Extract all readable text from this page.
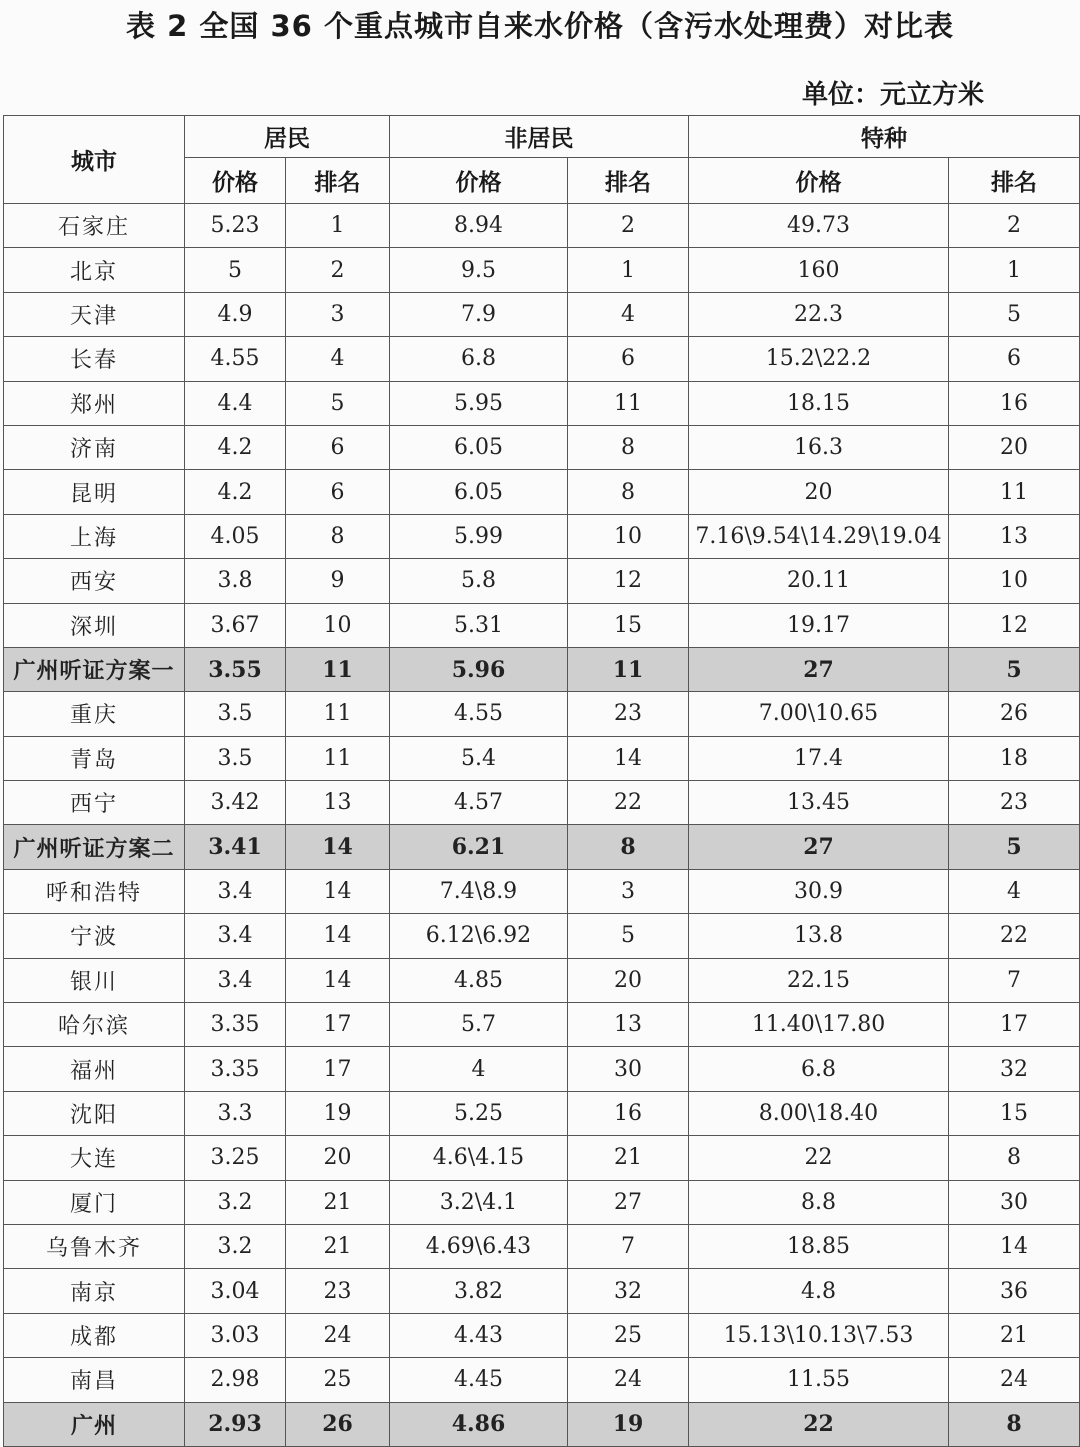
表 2 全国 36 个重点城市自来水价格（含污水处理费）对比表
单位：元立方米
城市	居民		非居民		特种	
	价格	排名	价格	排名	价格	排名
石家庄	5.23	1	8.94	2	49.73	2
北京	5	2	9.5	1	160	1
天津	4.9	3	7.9	4	22.3	5
长春	4.55	4	6.8	6	15.2\22.2	6
郑州	4.4	5	5.95	11	18.15	16
济南	4.2	6	6.05	8	16.3	20
昆明	4.2	6	6.05	8	20	11
上海	4.05	8	5.99	10	7.16\9.54\14.29\19.04	13
西安	3.8	9	5.8	12	20.11	10
深圳	3.67	10	5.31	15	19.17	12
广州听证方案一	3.55	11	5.96	11	27	5
重庆	3.5	11	4.55	23	7.00\10.65	26
青岛	3.5	11	5.4	14	17.4	18
西宁	3.42	13	4.57	22	13.45	23
广州听证方案二	3.41	14	6.21	8	27	5
呼和浩特	3.4	14	7.4\8.9	3	30.9	4
宁波	3.4	14	6.12\6.92	5	13.8	22
银川	3.4	14	4.85	20	22.15	7
哈尔滨	3.35	17	5.7	13	11.40\17.80	17
福州	3.35	17	4	30	6.8	32
沈阳	3.3	19	5.25	16	8.00\18.40	15
大连	3.25	20	4.6\4.15	21	22	8
厦门	3.2	21	3.2\4.1	27	8.8	30
乌鲁木齐	3.2	21	4.69\6.43	7	18.85	14
南京	3.04	23	3.82	32	4.8	36
成都	3.03	24	4.43	25	15.13\10.13\7.53	21
南昌	2.98	25	4.45	24	11.55	24
广州	2.93	26	4.86	19	22	8
